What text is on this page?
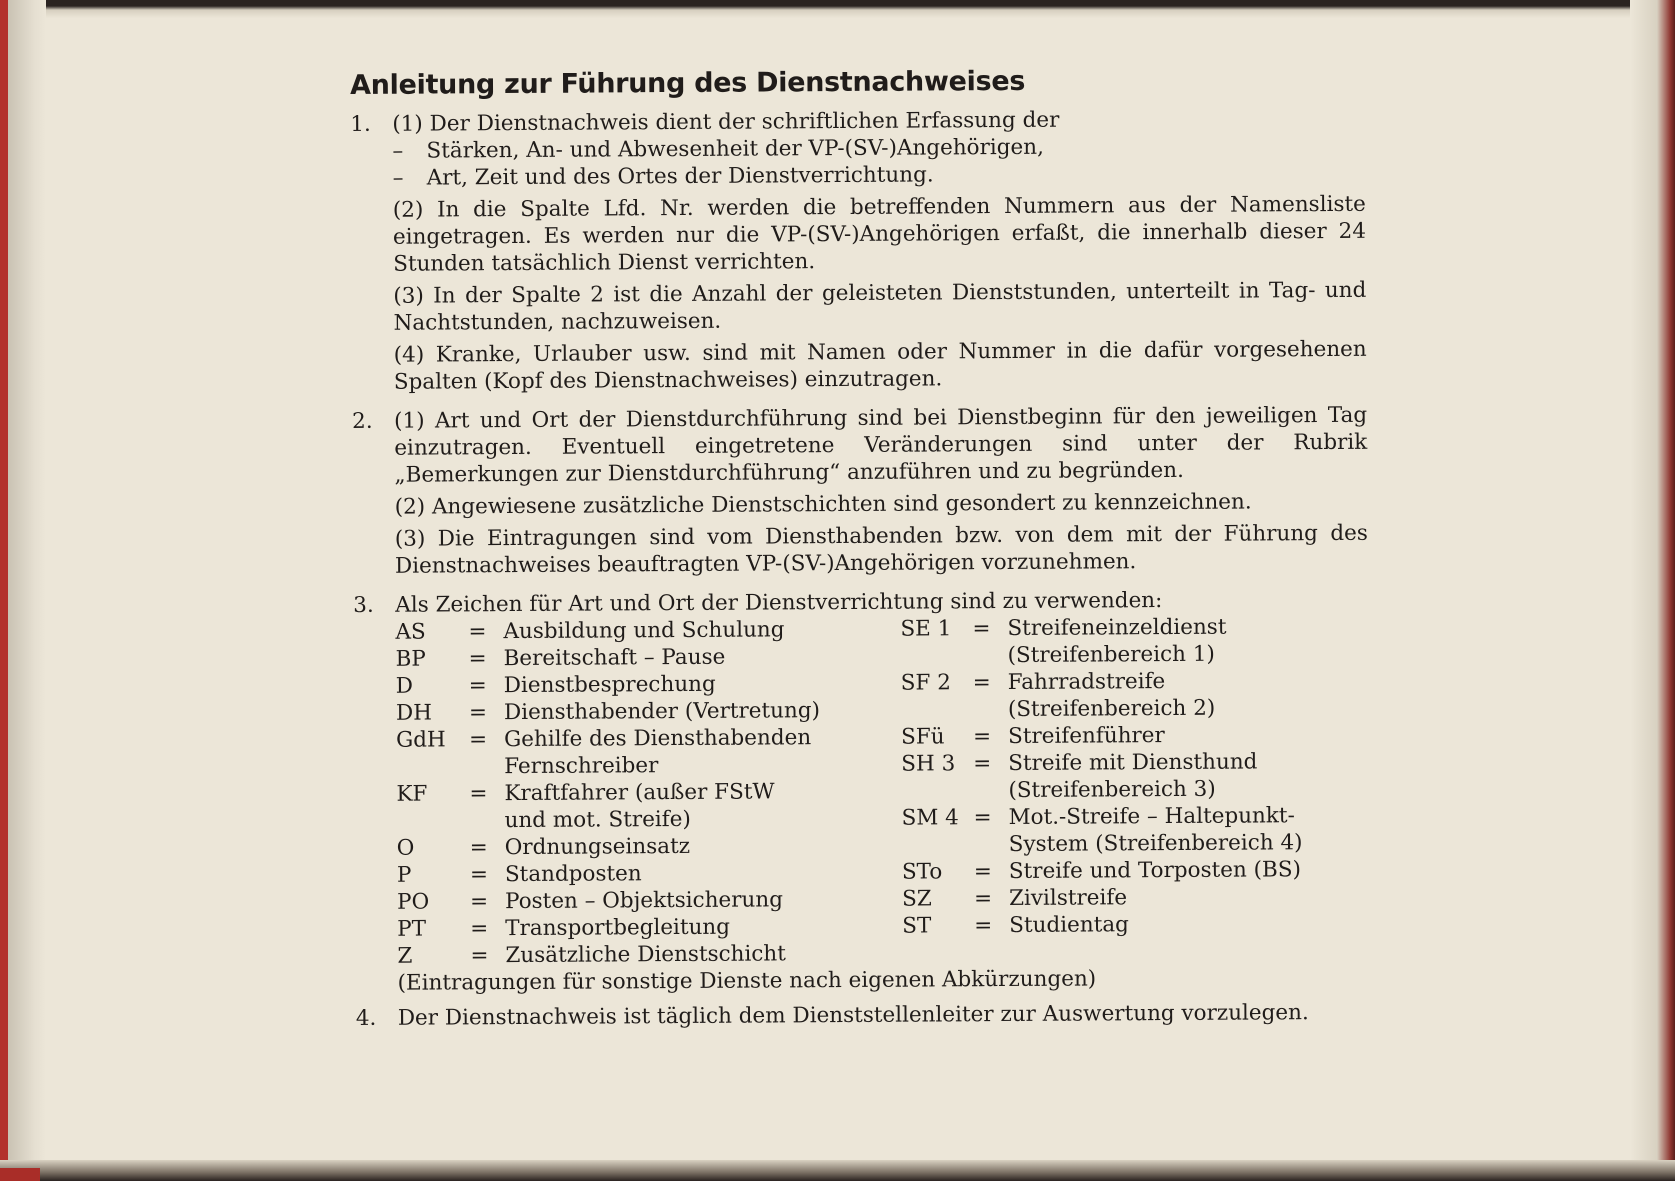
Anleitung zur Führung des Dienstnachweises
1. (1) Der Dienstnachweis dient der schriftlichen Erfassung der
– Stärken, An- und Abwesenheit der VP-(SV-)Angehörigen,
– Art, Zeit und des Ortes der Dienstverrichtung.
(2) In die Spalte Lfd. Nr. werden die betreffenden Nummern aus der Namensliste eingetragen. Es werden nur die VP-(SV-)Angehörigen erfaßt, die innerhalb dieser 24 Stunden tatsächlich Dienst verrichten.
(3) In der Spalte 2 ist die Anzahl der geleisteten Dienststunden, unterteilt in Tag- und Nachtstunden, nachzuweisen.
(4) Kranke, Urlauber usw. sind mit Namen oder Nummer in die dafür vorgesehenen Spalten (Kopf des Dienstnachweises) einzutragen.
2. (1) Art und Ort der Dienstdurchführung sind bei Dienstbeginn für den jeweiligen Tag einzutragen. Eventuell eingetretene Veränderungen sind unter der Rubrik „Bemerkungen zur Dienstdurchführung“ anzuführen und zu begründen.
(2) Angewiesene zusätzliche Dienstschichten sind gesondert zu kennzeichnen.
(3) Die Eintragungen sind vom Diensthabenden bzw. von dem mit der Führung des Dienstnachweises beauftragten VP-(SV-)Angehörigen vorzunehmen.
3. Als Zeichen für Art und Ort der Dienstverrichtung sind zu verwenden:
AS	= Ausbildung und Schulung
BP	= Bereitschaft – Pause
D	= Dienstbesprechung
DH	= Diensthabender (Vertretung)
GdH	= Gehilfe des Diensthabenden
Fernschreiber
KF	= Kraftfahrer (außer FStW
und mot. Streife)
O	= Ordnungseinsatz
P	= Standposten
PO	= Posten – Objektsicherung
PT	= Transportbegleitung
Z	= Zusätzliche Dienstschicht
SE 1 = Streifeneinzeldienst
(Streifenbereich 1)
SF 2	= Fahrradstreife
(Streifenbereich 2)
SFü	= Streifenführer
SH 3 = Streife mit Diensthund
(Streifenbereich 3)
SM 4 = Mot.-Streife – Haltepunkt-
System (Streifenbereich 4)
STo	= Streife und Torposten (BS)
SZ	= Zivilstreife
ST	= Studientag
(Eintragungen für sonstige Dienste nach eigenen Abkürzungen)
4. Der Dienstnachweis ist täglich dem Dienststellenleiter zur Auswertung vorzulegen.
